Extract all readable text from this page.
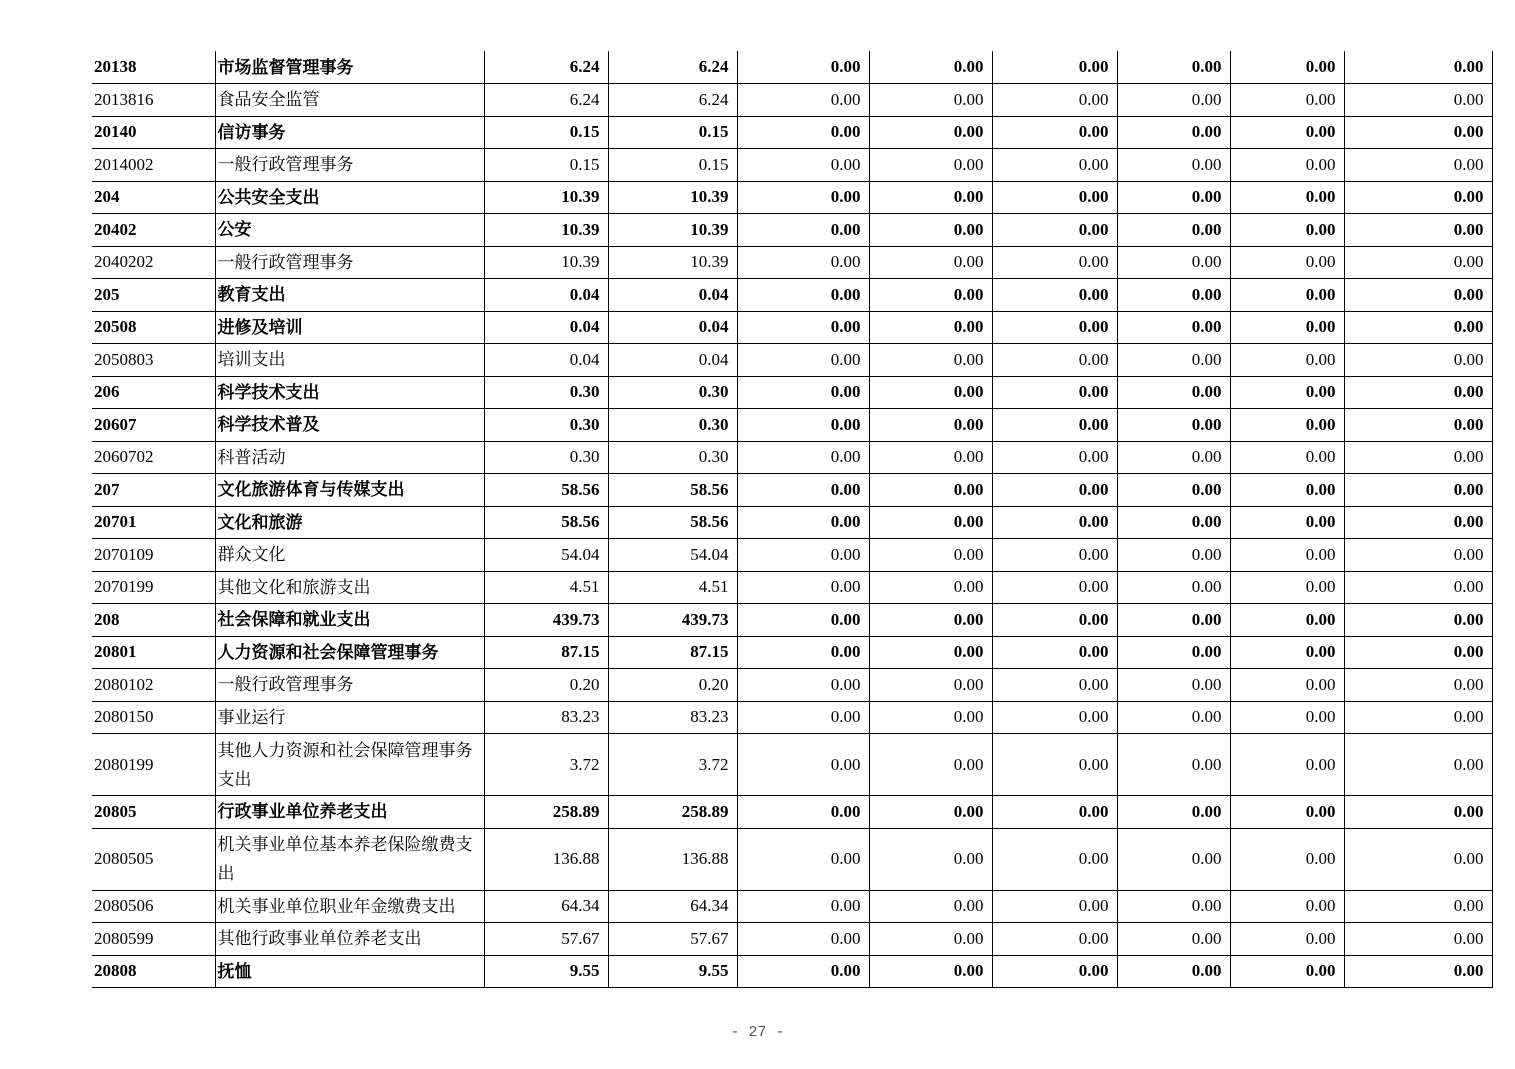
20138	市场监督管理事务	6.24	6.24	0.00	0.00	0.00	0.00	0.00	0.00
2013816	食品安全监管	6.24	6.24	0.00	0.00	0.00	0.00	0.00	0.00
20140	信访事务	0.15	0.15	0.00	0.00	0.00	0.00	0.00	0.00
2014002	一般行政管理事务	0.15	0.15	0.00	0.00	0.00	0.00	0.00	0.00
204	公共安全支出	10.39	10.39	0.00	0.00	0.00	0.00	0.00	0.00
20402	公安	10.39	10.39	0.00	0.00	0.00	0.00	0.00	0.00
2040202	一般行政管理事务	10.39	10.39	0.00	0.00	0.00	0.00	0.00	0.00
205	教育支出	0.04	0.04	0.00	0.00	0.00	0.00	0.00	0.00
20508	进修及培训	0.04	0.04	0.00	0.00	0.00	0.00	0.00	0.00
2050803	培训支出	0.04	0.04	0.00	0.00	0.00	0.00	0.00	0.00
206	科学技术支出	0.30	0.30	0.00	0.00	0.00	0.00	0.00	0.00
20607	科学技术普及	0.30	0.30	0.00	0.00	0.00	0.00	0.00	0.00
2060702	科普活动	0.30	0.30	0.00	0.00	0.00	0.00	0.00	0.00
207	文化旅游体育与传媒支出	58.56	58.56	0.00	0.00	0.00	0.00	0.00	0.00
20701	文化和旅游	58.56	58.56	0.00	0.00	0.00	0.00	0.00	0.00
2070109	群众文化	54.04	54.04	0.00	0.00	0.00	0.00	0.00	0.00
2070199	其他文化和旅游支出	4.51	4.51	0.00	0.00	0.00	0.00	0.00	0.00
208	社会保障和就业支出	439.73	439.73	0.00	0.00	0.00	0.00	0.00	0.00
20801	人力资源和社会保障管理事务	87.15	87.15	0.00	0.00	0.00	0.00	0.00	0.00
2080102	一般行政管理事务	0.20	0.20	0.00	0.00	0.00	0.00	0.00	0.00
2080150	事业运行	83.23	83.23	0.00	0.00	0.00	0.00	0.00	0.00
2080199	其他人力资源和社会保障管理事务支出	3.72	3.72	0.00	0.00	0.00	0.00	0.00	0.00
20805	行政事业单位养老支出	258.89	258.89	0.00	0.00	0.00	0.00	0.00	0.00
2080505	机关事业单位基本养老保险缴费支出	136.88	136.88	0.00	0.00	0.00	0.00	0.00	0.00
2080506	机关事业单位职业年金缴费支出	64.34	64.34	0.00	0.00	0.00	0.00	0.00	0.00
2080599	其他行政事业单位养老支出	57.67	57.67	0.00	0.00	0.00	0.00	0.00	0.00
20808	抚恤	9.55	9.55	0.00	0.00	0.00	0.00	0.00	0.00
- 27 -
